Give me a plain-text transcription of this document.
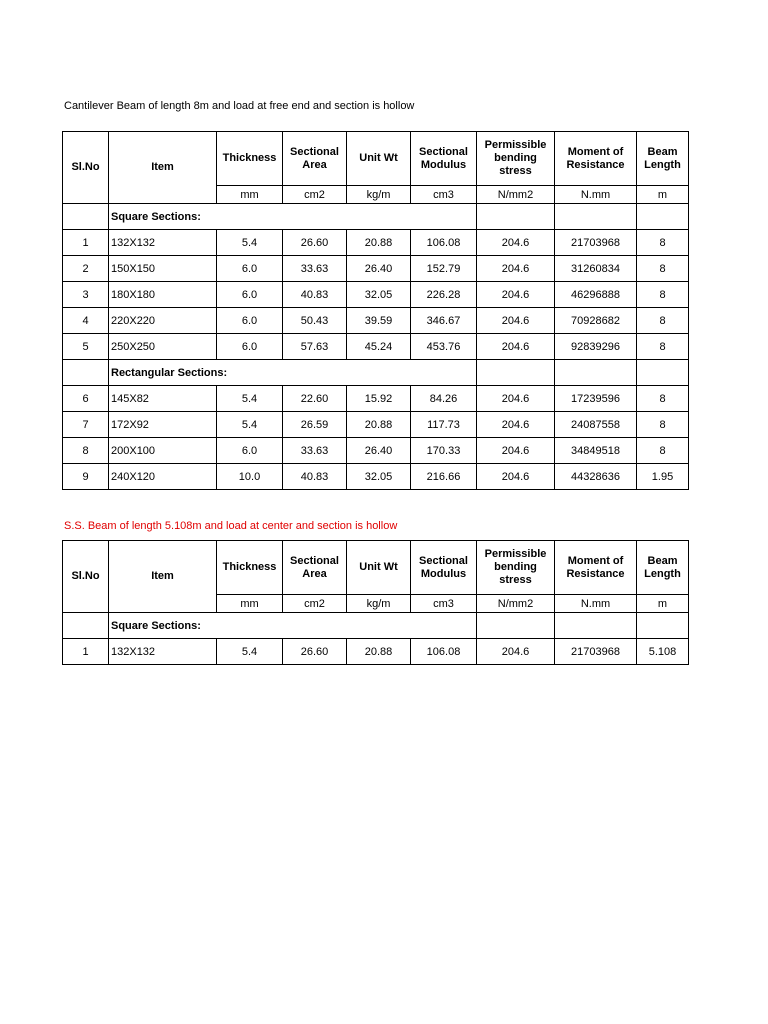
Cantilever Beam of length 8m and load at free end and section is hollow
Sl.No	Item	Thickness	Sectional Area	Unit Wt	Sectional Modulus	Permissible bending stress	Moment of Resistance	Beam Length
		mm	cm2	kg/m	cm3	N/mm2	N.mm	m
	Square Sections:							
1	132X132	5.4	26.60	20.88	106.08	204.6	21703968	8
2	150X150	6.0	33.63	26.40	152.79	204.6	31260834	8
3	180X180	6.0	40.83	32.05	226.28	204.6	46296888	8
4	220X220	6.0	50.43	39.59	346.67	204.6	70928682	8
5	250X250	6.0	57.63	45.24	453.76	204.6	92839296	8
	Rectangular Sections:							
6	145X82	5.4	22.60	15.92	84.26	204.6	17239596	8
7	172X92	5.4	26.59	20.88	117.73	204.6	24087558	8
8	200X100	6.0	33.63	26.40	170.33	204.6	34849518	8
9	240X120	10.0	40.83	32.05	216.66	204.6	44328636	1.95
S.S. Beam of length 5.108m and load at center and section is hollow
Sl.No	Item	Thickness	Sectional Area	Unit Wt	Sectional Modulus	Permissible bending stress	Moment of Resistance	Beam Length
		mm	cm2	kg/m	cm3	N/mm2	N.mm	m
	Square Sections:							
1	132X132	5.4	26.60	20.88	106.08	204.6	21703968	5.108
